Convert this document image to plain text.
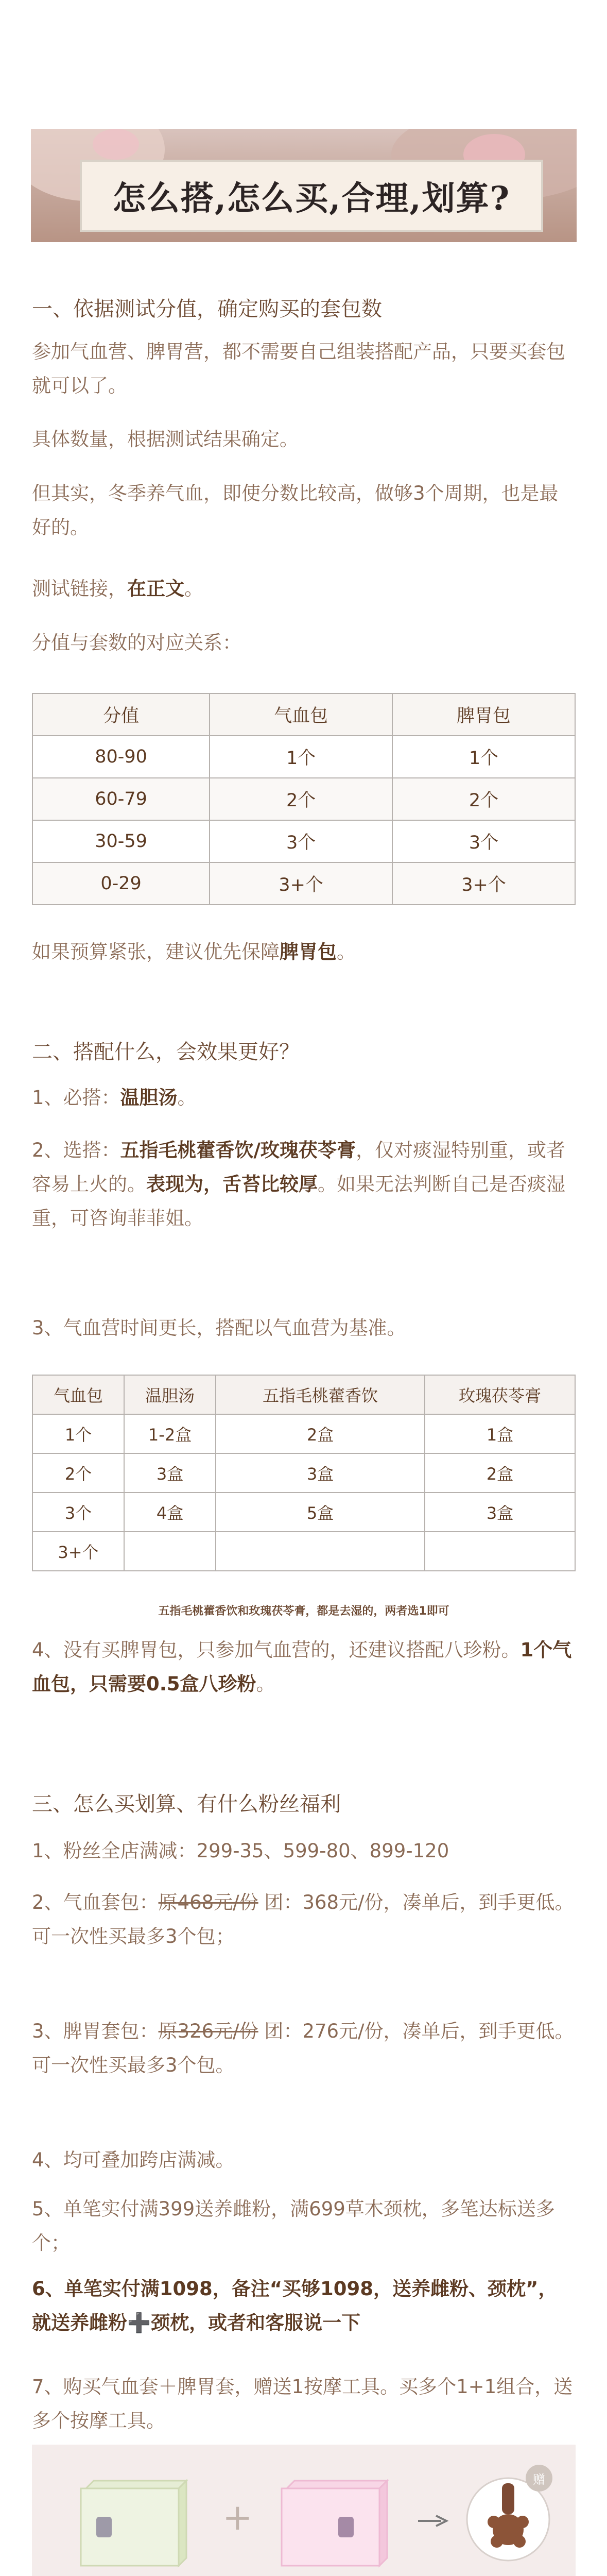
怎么搭,怎么买,合理,划算?
一、依据测试分值，确定购买的套包数
参加气血营、脾胃营，都不需要自己组装搭配产品，只要买套包就可以了。
具体数量，根据测试结果确定。
但其实，冬季养气血，即使分数比较高，做够3个周期，也是最好的。
测试链接，在正文。
分值与套数的对应关系：
分值	气血包	脾胃包
80-90	1个	1个
60-79	2个	2个
30-59	3个	3个
0-29	3+个	3+个
如果预算紧张，建议优先保障脾胃包。
二、搭配什么，会效果更好？
1、必搭：温胆汤。
2、选搭：五指毛桃藿香饮/玫瑰茯苓膏，仅对痰湿特别重，或者容易上火的。表现为，舌苔比较厚。如果无法判断自己是否痰湿重，可咨询菲菲姐。
3、气血营时间更长，搭配以气血营为基准。
气血包	温胆汤	五指毛桃藿香饮	玫瑰茯苓膏
1个	1-2盒	2盒	1盒
2个	3盒	3盒	2盒
3个	4盒	5盒	3盒
3+个			
五指毛桃藿香饮和玫瑰茯苓膏，都是去湿的，两者选1即可
4、没有买脾胃包，只参加气血营的，还建议搭配八珍粉。1个气血包，只需要0.5盒八珍粉。
三、怎么买划算、有什么粉丝福利
1、粉丝全店满减：299-35、599-80、899-120
2、气血套包：原468元/份 团：368元/份，凑单后，到手更低。可一次性买最多3个包；
3、脾胃套包：原326元/份 团：276元/份，凑单后，到手更低。可一次性买最多3个包。
4、均可叠加跨店满减。
5、单笔实付满399送养雌粉，满699草木颈枕，多笔达标送多个；
6、单笔实付满1098，备注“买够1098，送养雌粉、颈枕”，就送养雌粉➕颈枕，或者和客服说一下
7、购买气血套＋脾胃套，赠送1按摩工具。买多个1+1组合，送多个按摩工具。
+
赠
